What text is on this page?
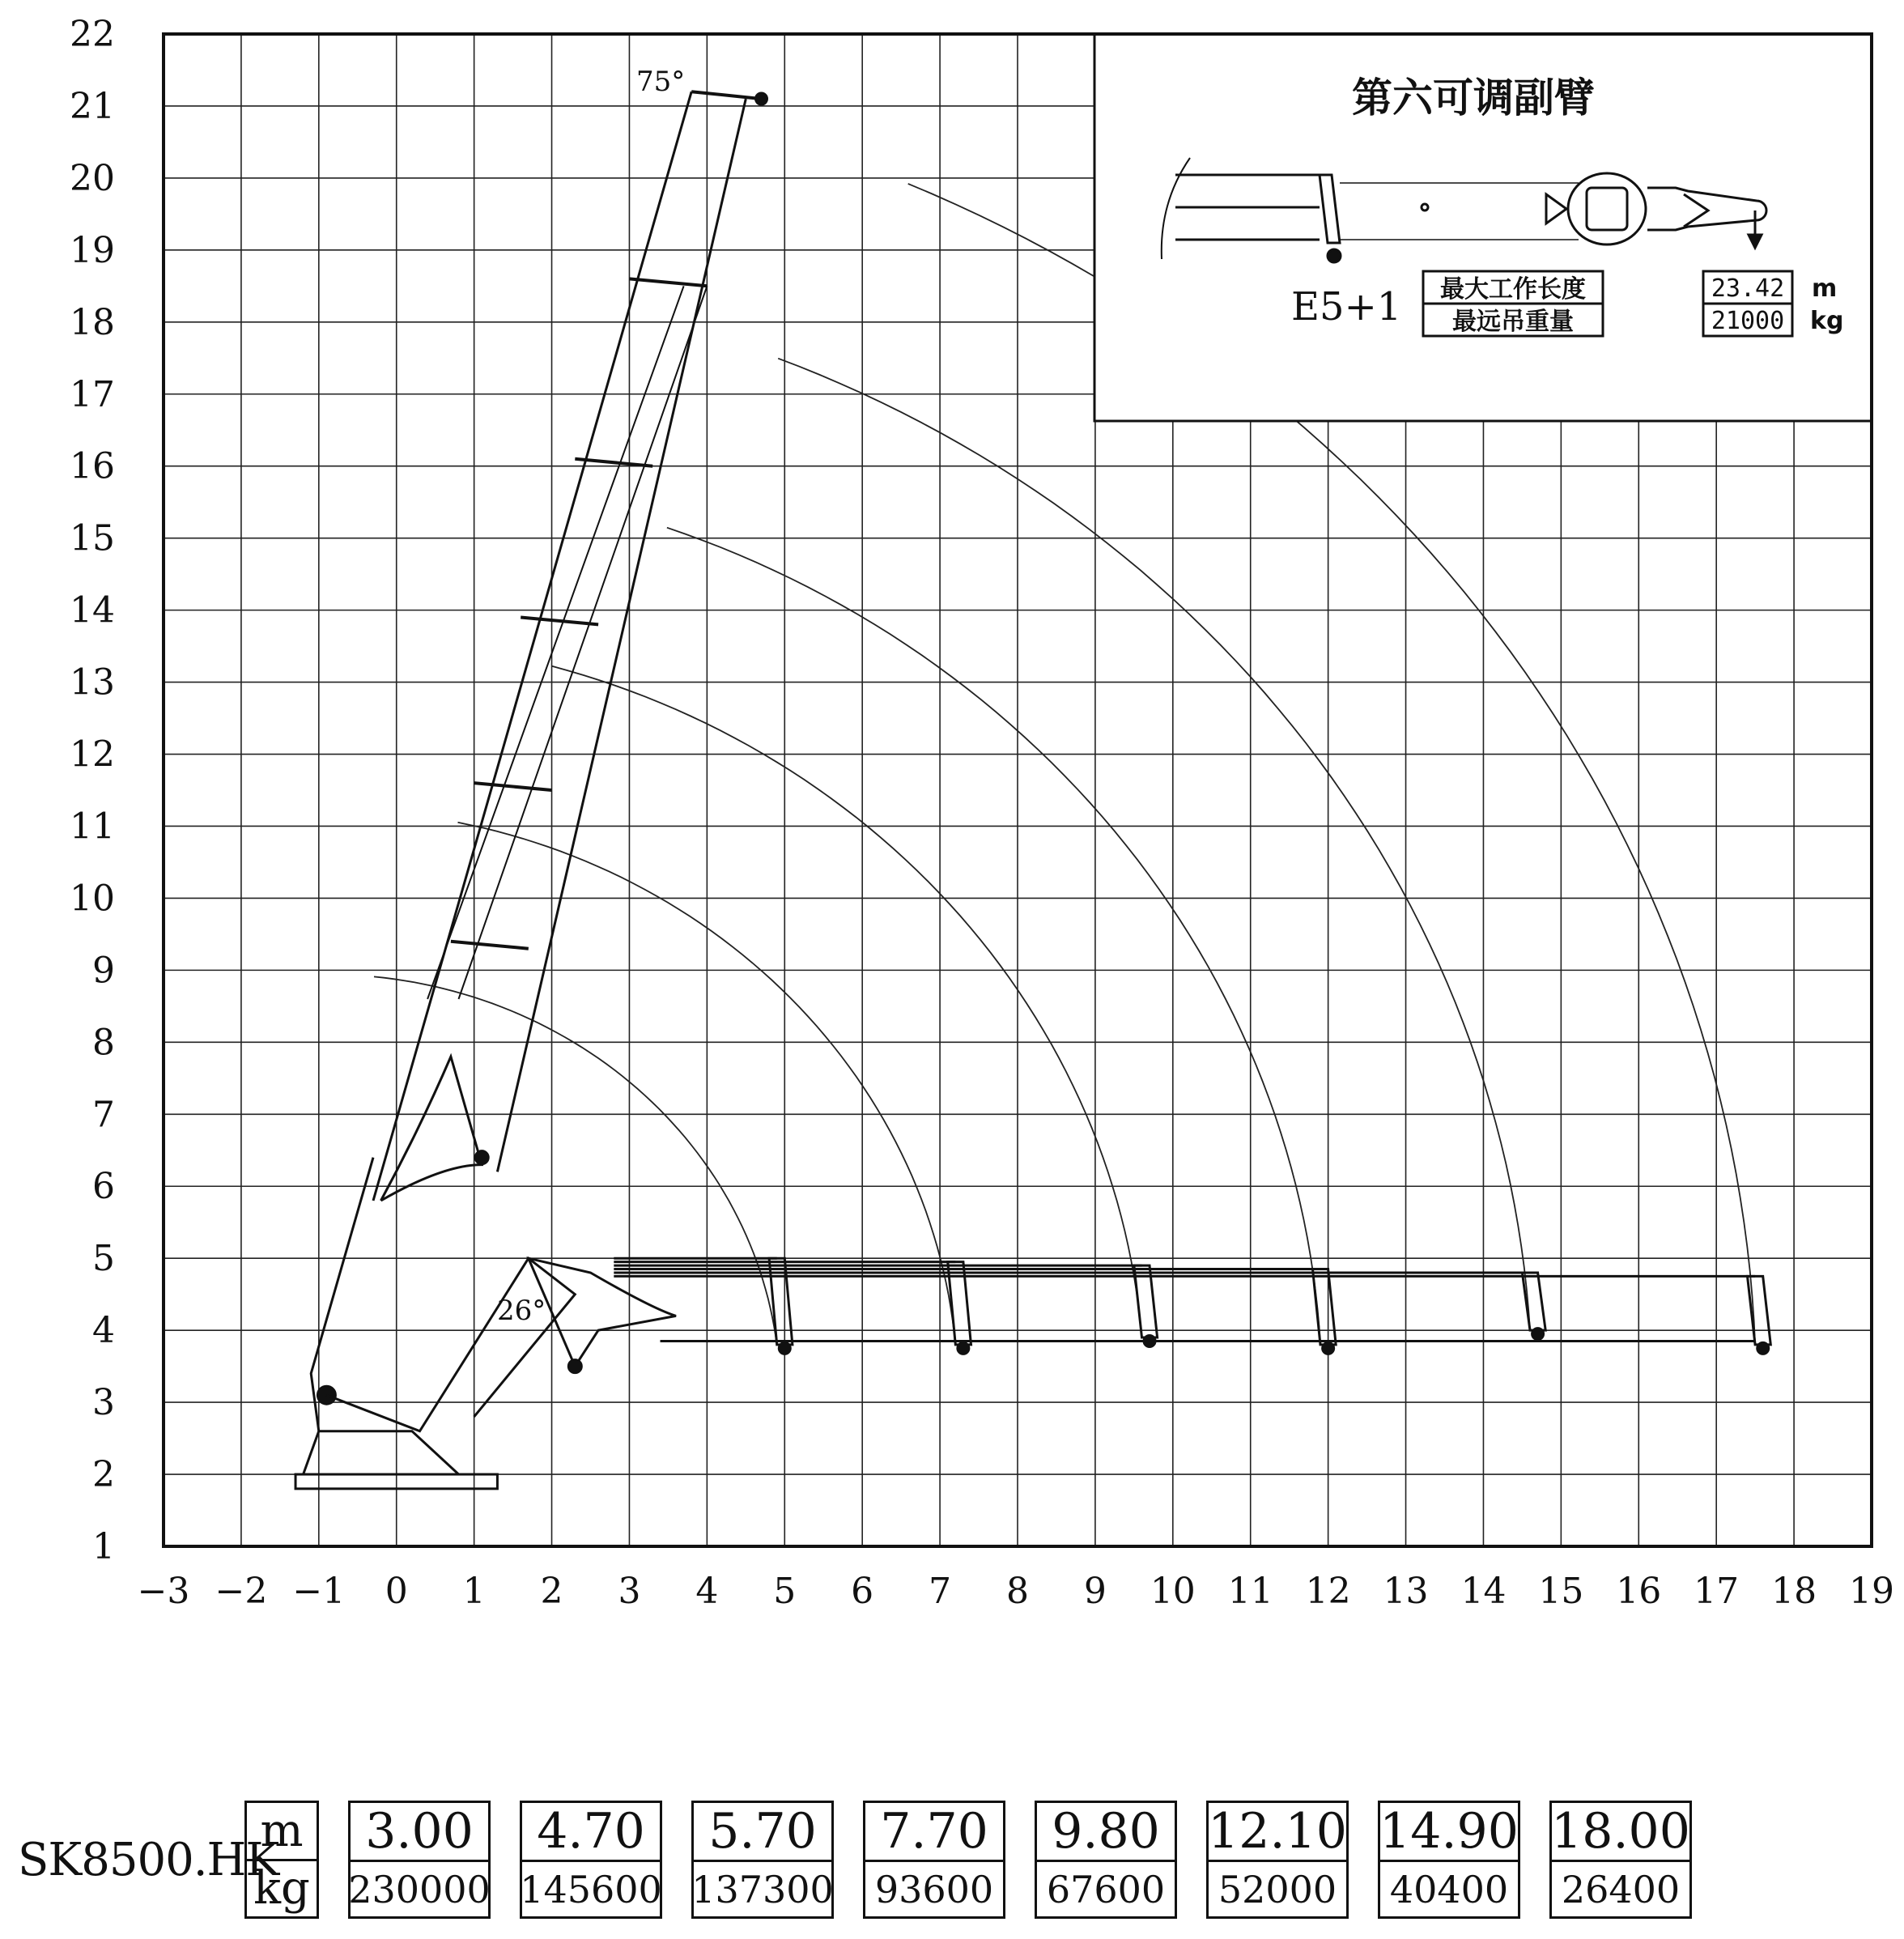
−3 −2 −1 0 1 2 3 4 5 6 7 8 9 10 11 12 13 14 15 16 17 18 19
1
2
3
4
5
6
7
8
9
10
11
12
13
14
15
16
17
18
19
20
21
22
第六可调副臂
E5+1 最大工作长度
最远吊重量
23.42
21000
m
kg
75°
26°
SK8500.HK
m
kg
3.00
230000
4.70
145600
5.70
137300
7.70
93600
9.80
67600
12.10
52000
14.90
40400
18.00
26400
